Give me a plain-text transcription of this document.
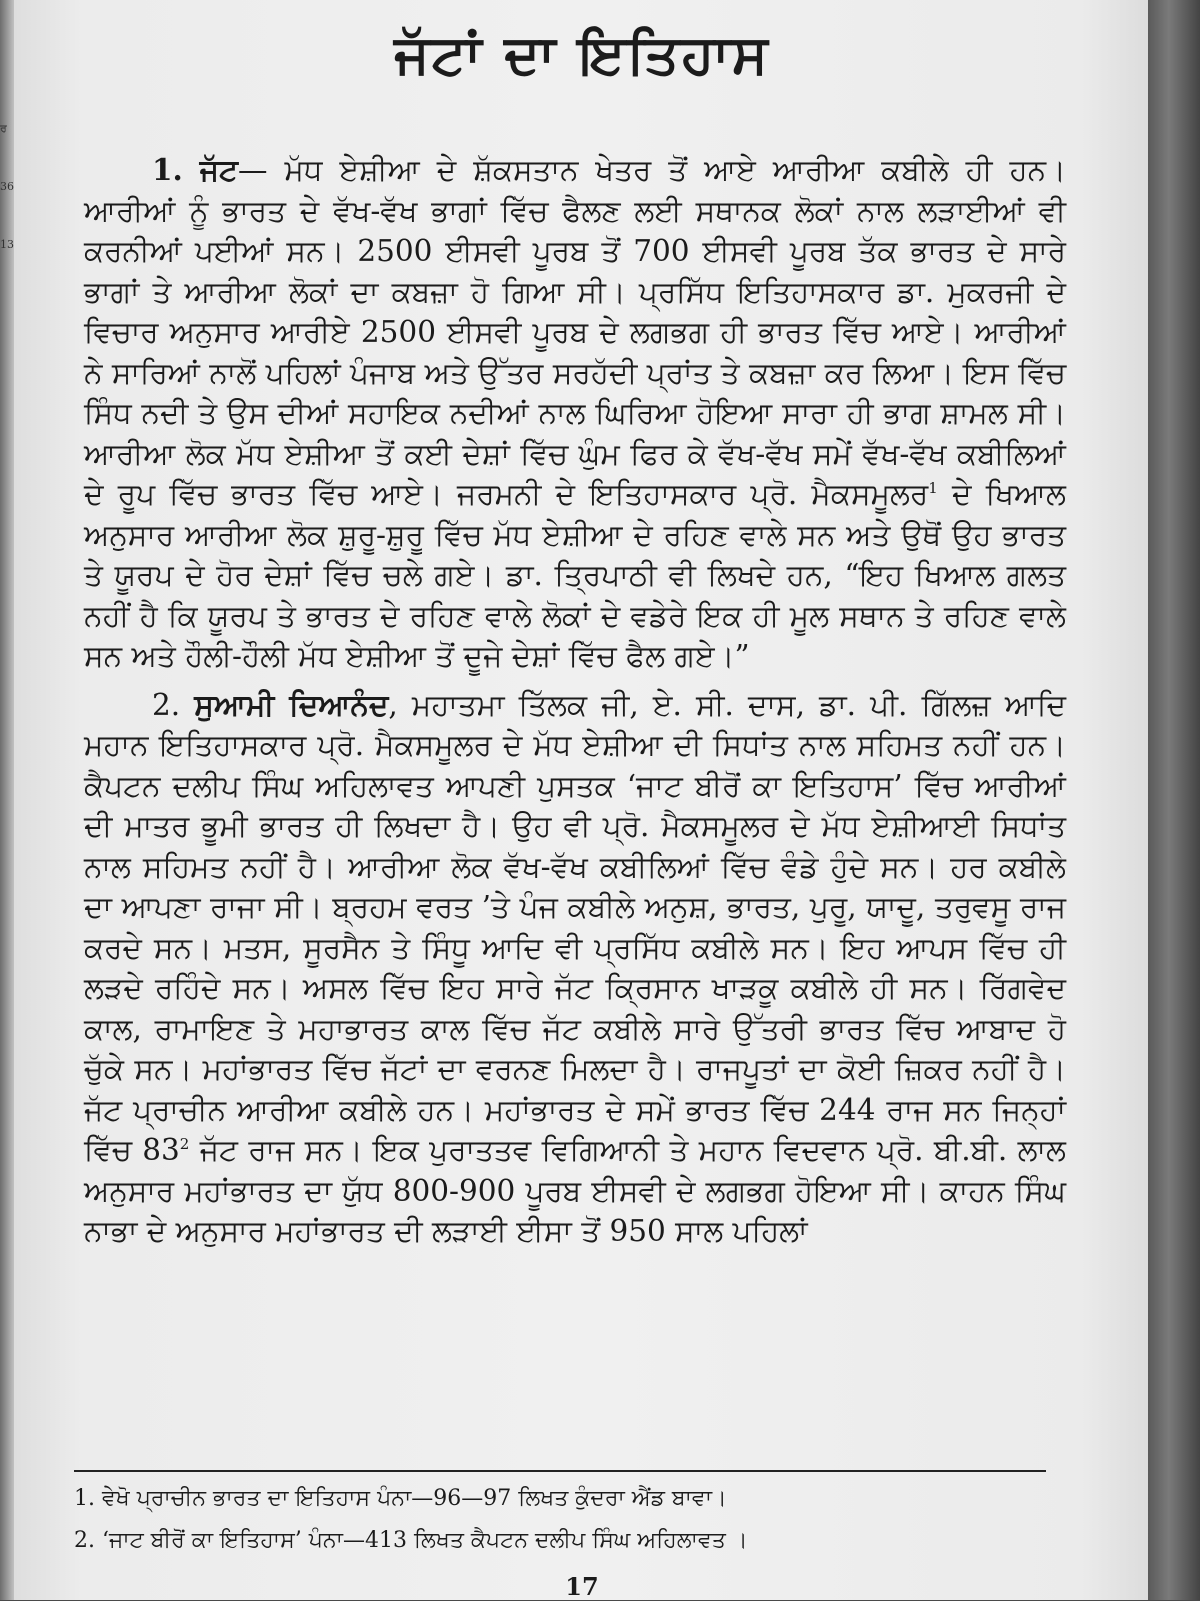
ਰ
36
13
ਜੱਟਾਂ ਦਾ ਇਤਿਹਾਸ

1. ਜੱਟ— ਮੱਧ ਏਸ਼ੀਆ ਦੇ ਸ਼ੱਕਸਤਾਨ ਖੇਤਰ ਤੋਂ ਆਏ ਆਰੀਆ ਕਬੀਲੇ ਹੀ ਹਨ। ਆਰੀਆਂ ਨੂੰ ਭਾਰਤ ਦੇ ਵੱਖ-ਵੱਖ ਭਾਗਾਂ ਵਿੱਚ ਫੈਲਣ ਲਈ ਸਥਾਨਕ ਲੋਕਾਂ ਨਾਲ ਲੜਾਈਆਂ ਵੀ ਕਰਨੀਆਂ ਪਈਆਂ ਸਨ। 2500 ਈਸਵੀ ਪੂਰਬ ਤੋਂ 700 ਈਸਵੀ ਪੂਰਬ ਤੱਕ ਭਾਰਤ ਦੇ ਸਾਰੇ ਭਾਗਾਂ ਤੇ ਆਰੀਆ ਲੋਕਾਂ ਦਾ ਕਬਜ਼ਾ ਹੋ ਗਿਆ ਸੀ। ਪ੍ਰਸਿੱਧ ਇਤਿਹਾਸਕਾਰ ਡਾ. ਮੁਕਰਜੀ ਦੇ ਵਿਚਾਰ ਅਨੁਸਾਰ ਆਰੀਏ 2500 ਈਸਵੀ ਪੂਰਬ ਦੇ ਲਗਭਗ ਹੀ ਭਾਰਤ ਵਿੱਚ ਆਏ। ਆਰੀਆਂ ਨੇ ਸਾਰਿਆਂ ਨਾਲੋਂ ਪਹਿਲਾਂ ਪੰਜਾਬ ਅਤੇ ਉੱਤਰ ਸਰਹੱਦੀ ਪ੍ਰਾਂਤ ਤੇ ਕਬਜ਼ਾ ਕਰ ਲਿਆ। ਇਸ ਵਿੱਚ ਸਿੰਧ ਨਦੀ ਤੇ ਉਸ ਦੀਆਂ ਸਹਾਇਕ ਨਦੀਆਂ ਨਾਲ ਘਿਰਿਆ ਹੋਇਆ ਸਾਰਾ ਹੀ ਭਾਗ ਸ਼ਾਮਲ ਸੀ। ਆਰੀਆ ਲੋਕ ਮੱਧ ਏਸ਼ੀਆ ਤੋਂ ਕਈ ਦੇਸ਼ਾਂ ਵਿੱਚ ਘੁੰਮ ਫਿਰ ਕੇ ਵੱਖ-ਵੱਖ ਸਮੇਂ ਵੱਖ-ਵੱਖ ਕਬੀਲਿਆਂ ਦੇ ਰੂਪ ਵਿੱਚ ਭਾਰਤ ਵਿੱਚ ਆਏ। ਜਰਮਨੀ ਦੇ ਇਤਿਹਾਸਕਾਰ ਪ੍ਰੋ. ਮੈਕਸਮੂਲਰ$^1$ ਦੇ ਖਿਆਲ ਅਨੁਸਾਰ ਆਰੀਆ ਲੋਕ ਸ਼ੁਰੂ-ਸ਼ੁਰੂ ਵਿੱਚ ਮੱਧ ਏਸ਼ੀਆ ਦੇ ਰਹਿਣ ਵਾਲੇ ਸਨ ਅਤੇ ਉਥੋਂ ਉਹ ਭਾਰਤ ਤੇ ਯੂਰਪ ਦੇ ਹੋਰ ਦੇਸ਼ਾਂ ਵਿੱਚ ਚਲੇ ਗਏ। ਡਾ. ਤ੍ਰਿਪਾਠੀ ਵੀ ਲਿਖਦੇ ਹਨ, “ਇਹ ਖਿਆਲ ਗਲਤ ਨਹੀਂ ਹੈ ਕਿ ਯੂਰਪ ਤੇ ਭਾਰਤ ਦੇ ਰਹਿਣ ਵਾਲੇ ਲੋਕਾਂ ਦੇ ਵਡੇਰੇ ਇਕ ਹੀ ਮੂਲ ਸਥਾਨ ਤੇ ਰਹਿਣ ਵਾਲੇ ਸਨ ਅਤੇ ਹੌਲੀ-ਹੌਲੀ ਮੱਧ ਏਸ਼ੀਆ ਤੋਂ ਦੂਜੇ ਦੇਸ਼ਾਂ ਵਿੱਚ ਫੈਲ ਗਏ।”

2. ਸੁਆਮੀ ਦਿਆਨੰਦ, ਮਹਾਤਮਾ ਤਿੱਲਕ ਜੀ, ਏ. ਸੀ. ਦਾਸ, ਡਾ. ਪੀ. ਗਿੱਲਜ਼ ਆਦਿ ਮਹਾਨ ਇਤਿਹਾਸਕਾਰ ਪ੍ਰੋ. ਮੈਕਸਮੂਲਰ ਦੇ ਮੱਧ ਏਸ਼ੀਆ ਦੀ ਸਿਧਾਂਤ ਨਾਲ ਸਹਿਮਤ ਨਹੀਂ ਹਨ। ਕੈਪਟਨ ਦਲੀਪ ਸਿੰਘ ਅਹਿਲਾਵਤ ਆਪਣੀ ਪੁਸਤਕ ‘ਜਾਟ ਬੀਰੋਂ ਕਾ ਇਤਿਹਾਸ’ ਵਿੱਚ ਆਰੀਆਂ ਦੀ ਮਾਤਰ ਭੂਮੀ ਭਾਰਤ ਹੀ ਲਿਖਦਾ ਹੈ। ਉਹ ਵੀ ਪ੍ਰੋ. ਮੈਕਸਮੂਲਰ ਦੇ ਮੱਧ ਏਸ਼ੀਆਈ ਸਿਧਾਂਤ ਨਾਲ ਸਹਿਮਤ ਨਹੀਂ ਹੈ। ਆਰੀਆ ਲੋਕ ਵੱਖ-ਵੱਖ ਕਬੀਲਿਆਂ ਵਿੱਚ ਵੰਡੇ ਹੁੰਦੇ ਸਨ। ਹਰ ਕਬੀਲੇ ਦਾ ਆਪਣਾ ਰਾਜਾ ਸੀ। ਬ੍ਰਹਮ ਵਰਤ ’ਤੇ ਪੰਜ ਕਬੀਲੇ ਅਨੁਸ਼, ਭਾਰਤ, ਪੁਰੂ, ਯਾਦੂ, ਤਰੁਵਸੂ ਰਾਜ ਕਰਦੇ ਸਨ। ਮਤਸ, ਸੂਰਸੈਨ ਤੇ ਸਿੰਧੂ ਆਦਿ ਵੀ ਪ੍ਰਸਿੱਧ ਕਬੀਲੇ ਸਨ। ਇਹ ਆਪਸ ਵਿੱਚ ਹੀ ਲੜਦੇ ਰਹਿੰਦੇ ਸਨ। ਅਸਲ ਵਿੱਚ ਇਹ ਸਾਰੇ ਜੱਟ ਕ੍ਰਿਸਾਨ ਖਾੜਕੂ ਕਬੀਲੇ ਹੀ ਸਨ। ਰਿੱਗਵੇਦ ਕਾਲ, ਰਾਮਾਇਣ ਤੇ ਮਹਾਭਾਰਤ ਕਾਲ ਵਿੱਚ ਜੱਟ ਕਬੀਲੇ ਸਾਰੇ ਉੱਤਰੀ ਭਾਰਤ ਵਿੱਚ ਆਬਾਦ ਹੋ ਚੁੱਕੇ ਸਨ। ਮਹਾਂਭਾਰਤ ਵਿੱਚ ਜੱਟਾਂ ਦਾ ਵਰਨਣ ਮਿਲਦਾ ਹੈ। ਰਾਜਪੂਤਾਂ ਦਾ ਕੋਈ ਜ਼ਿਕਰ ਨਹੀਂ ਹੈ। ਜੱਟ ਪ੍ਰਾਚੀਨ ਆਰੀਆ ਕਬੀਲੇ ਹਨ। ਮਹਾਂਭਾਰਤ ਦੇ ਸਮੇਂ ਭਾਰਤ ਵਿੱਚ 244 ਰਾਜ ਸਨ ਜਿਨ੍ਹਾਂ ਵਿੱਚ $83^2$ ਜੱਟ ਰਾਜ ਸਨ। ਇਕ ਪੁਰਾਤਤਵ ਵਿਗਿਆਨੀ ਤੇ ਮਹਾਨ ਵਿਦਵਾਨ ਪ੍ਰੋ. ਬੀ.ਬੀ. ਲਾਲ ਅਨੁਸਾਰ ਮਹਾਂਭਾਰਤ ਦਾ ਯੁੱਧ 800-900 ਪੂਰਬ ਈਸਵੀ ਦੇ ਲਗਭਗ ਹੋਇਆ ਸੀ। ਕਾਹਨ ਸਿੰਘ ਨਾਭਾ ਦੇ ਅਨੁਸਾਰ ਮਹਾਂਭਾਰਤ ਦੀ ਲੜਾਈ ਈਸਾ ਤੋਂ 950 ਸਾਲ ਪਹਿਲਾਂ

1. ਵੇਖੋ ਪ੍ਰਾਚੀਨ ਭਾਰਤ ਦਾ ਇਤਿਹਾਸ ਪੰਨਾ—96—97 ਲਿਖਤ ਕੁੰਦਰਾ ਐਂਡ ਬਾਵਾ।
2. ‘ਜਾਟ ਬੀਰੋਂ ਕਾ ਇਤਿਹਾਸ’ ਪੰਨਾ—413 ਲਿਖਤ ਕੈਪਟਨ ਦਲੀਪ ਸਿੰਘ ਅਹਿਲਾਵਤ ।
17
